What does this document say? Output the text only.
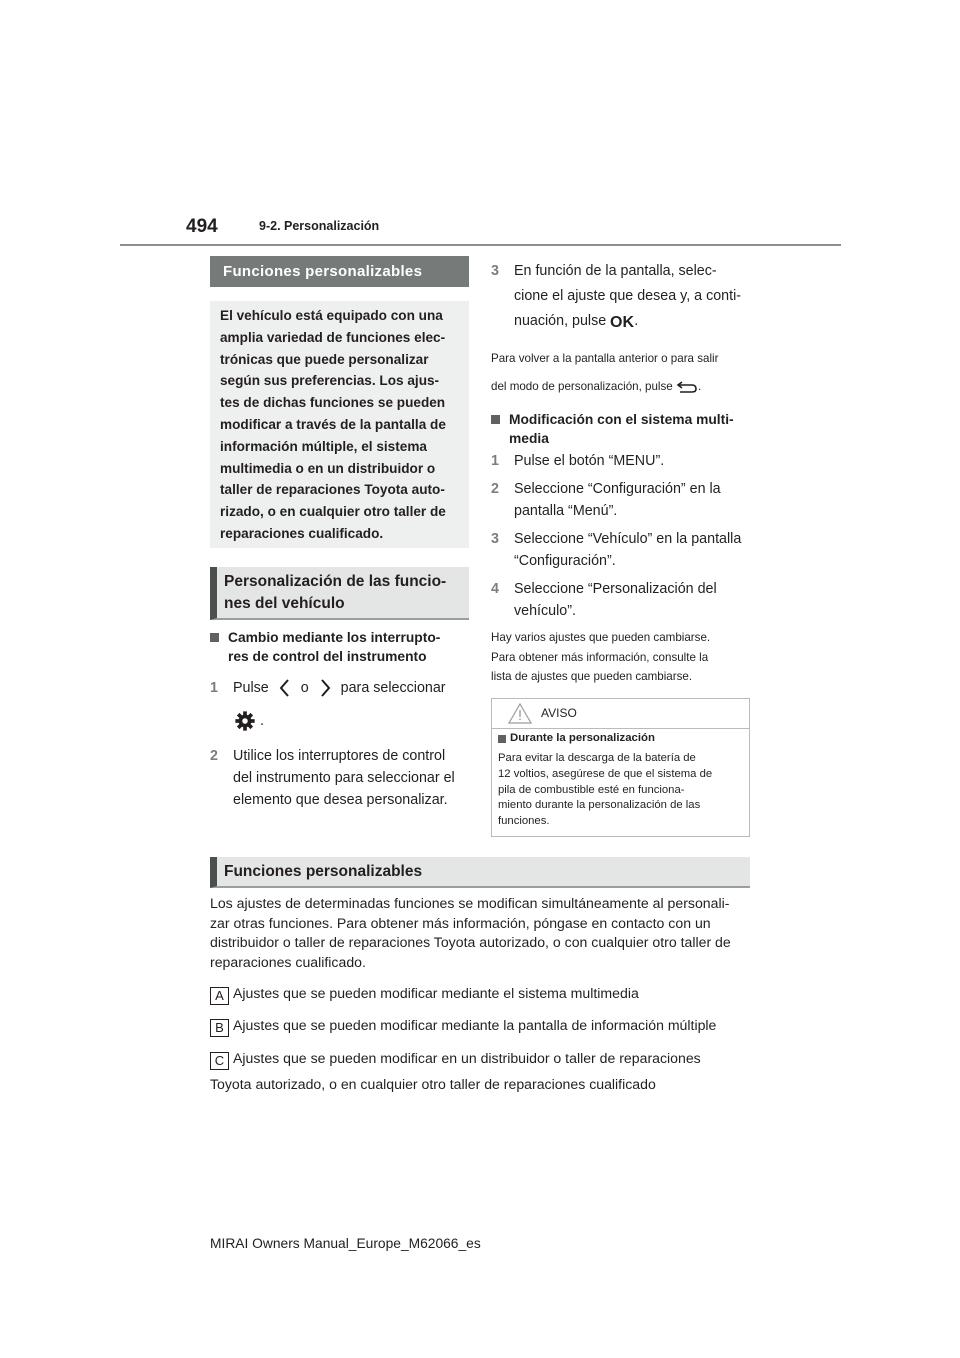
494	9-2. Personalización
Funciones personalizables
El vehículo está equipado con una
amplia variedad de funciones elec-
trónicas que puede personalizar
según sus preferencias. Los ajus-
tes de dichas funciones se pueden
modificar a través de la pantalla de
información múltiple, el sistema
multimedia o en un distribuidor o
taller de reparaciones Toyota auto-
rizado, o en cualquier otro taller de
reparaciones cualificado.
Personalización de las funcio-
nes del vehículo
Cambio mediante los interrupto-
res de control del instrumento
1 Pulse o para seleccionar
.
2 Utilice los interruptores de control
del instrumento para seleccionar el
elemento que desea personalizar.
3 En función de la pantalla, selec-
cione el ajuste que desea y, a conti-
nuación, pulse OK .
Para volver a la pantalla anterior o para salir
del modo de personalización, pulse .
Modificación con el sistema multi-
media
1 Pulse el botón “MENU”.
2 Seleccione “Configuración” en la
pantalla “Menú”.
3 Seleccione “Vehículo” en la pantalla
“Configuración”.
4 Seleccione “Personalización del
vehículo”.
Hay varios ajustes que pueden cambiarse.
Para obtener más información, consulte la
lista de ajustes que pueden cambiarse.
AVISO
Durante la personalización
Para evitar la descarga de la batería de
12 voltios, asegúrese de que el sistema de
pila de combustible esté en funciona-
miento durante la personalización de las
funciones.
Funciones personalizables
Los ajustes de determinadas funciones se modifican simultáneamente al personali-
zar otras funciones. Para obtener más información, póngase en contacto con un
distribuidor o taller de reparaciones Toyota autorizado, o con cualquier otro taller de
reparaciones cualificado.
A Ajustes que se pueden modificar mediante el sistema multimedia
B Ajustes que se pueden modificar mediante la pantalla de información múltiple
C Ajustes que se pueden modificar en un distribuidor o taller de reparaciones
Toyota autorizado, o en cualquier otro taller de reparaciones cualificado
MIRAI Owners Manual_Europe_M62066_es
